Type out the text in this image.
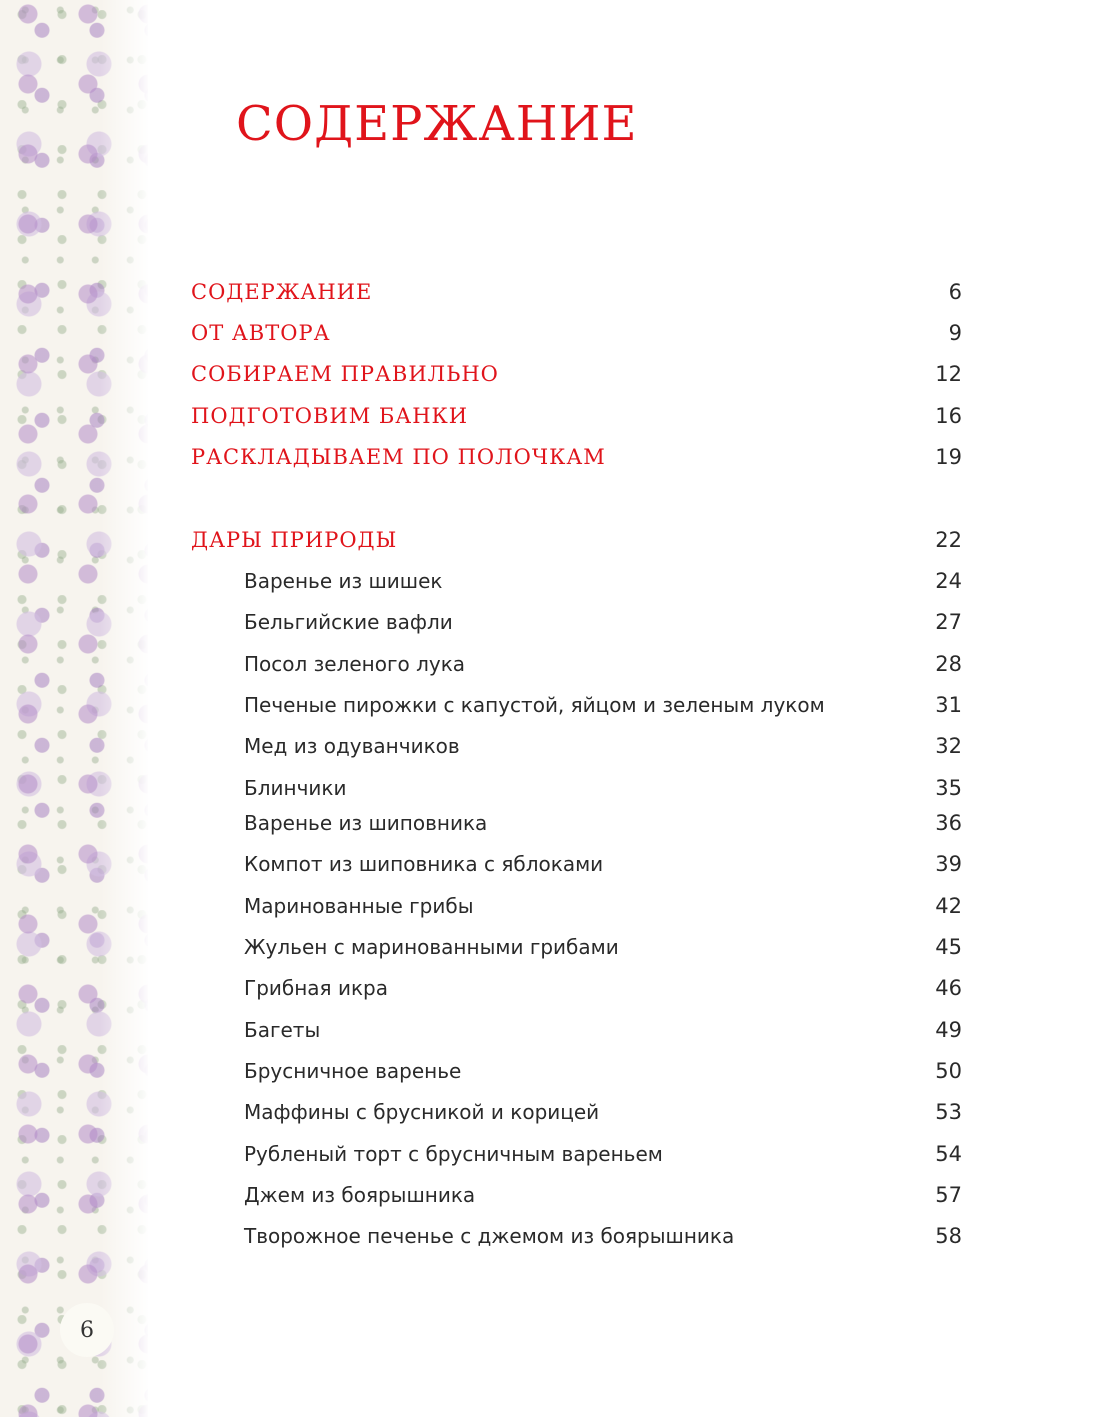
СОДЕРЖАНИЕ
СОДЕРЖАНИЕ	6
ОТ АВТОРА	9
СОБИРАЕМ ПРАВИЛЬНО	12
ПОДГОТОВИМ БАНКИ	16
РАСКЛАДЫВАЕМ ПО ПОЛОЧКАМ	19
ДАРЫ ПРИРОДЫ	22
Варенье из шишек	24
Бельгийские вафли	27
Посол зеленого лука	28
Печеные пирожки с капустой, яйцом и зеленым луком	31
Мед из одуванчиков	32
Блинчики	35
Варенье из шиповника	36
Компот из шиповника с яблоками	39
Маринованные грибы	42
Жульен с маринованными грибами	45
Грибная икра	46
Багеты	49
Брусничное варенье	50
Маффины с брусникой и корицей	53
Рубленый торт с брусничным вареньем	54
Джем из боярышника	57
Творожное печенье с джемом из боярышника	58
6
